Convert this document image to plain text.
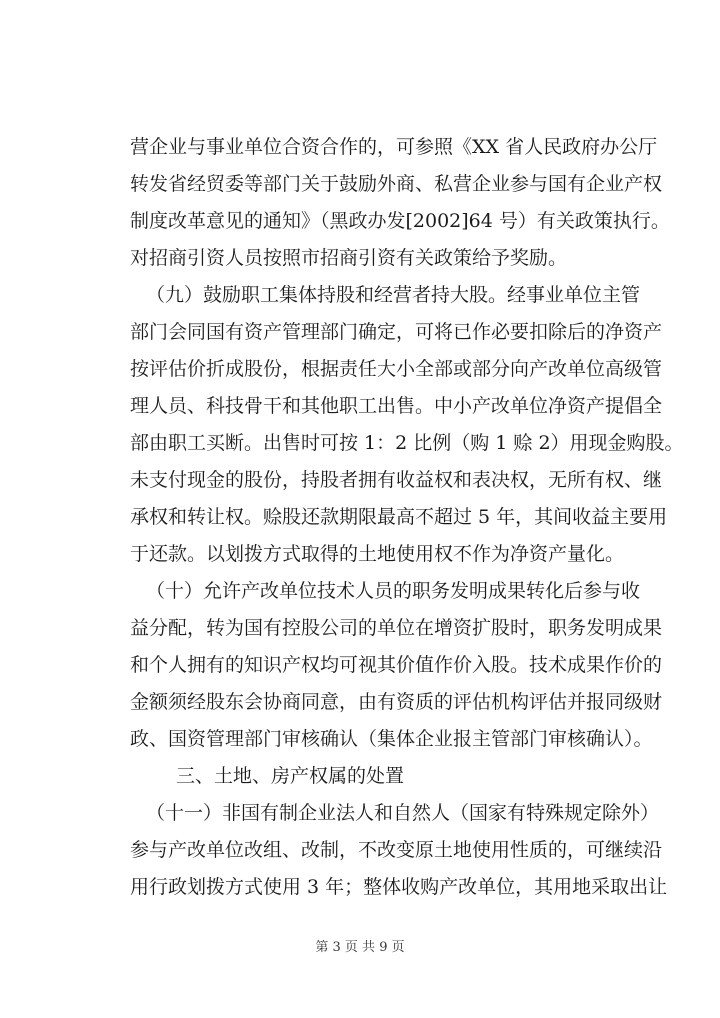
营企业与事业单位合资合作的，可参照《XX 省人民政府办公厅
转发省经贸委等部门关于鼓励外商、私营企业参与国有企业产权
制度改革意见的通知》（黑政办发[2002]64 号）有关政策执行。
对招商引资人员按照市招商引资有关政策给予奖励。
（九）鼓励职工集体持股和经营者持大股。经事业单位主管
部门会同国有资产管理部门确定，可将已作必要扣除后的净资产
按评估价折成股份，根据责任大小全部或部分向产改单位高级管
理人员、科技骨干和其他职工出售。中小产改单位净资产提倡全
部由职工买断。出售时可按 1：2 比例（购 1 赊 2）用现金购股。
未支付现金的股份，持股者拥有收益权和表决权，无所有权、继
承权和转让权。赊股还款期限最高不超过 5 年，其间收益主要用
于还款。以划拨方式取得的土地使用权不作为净资产量化。
（十）允许产改单位技术人员的职务发明成果转化后参与收
益分配，转为国有控股公司的单位在增资扩股时，职务发明成果
和个人拥有的知识产权均可视其价值作价入股。技术成果作价的
金额须经股东会协商同意，由有资质的评估机构评估并报同级财
政、国资管理部门审核确认（集体企业报主管部门审核确认）。
三、土地、房产权属的处置
（十一）非国有制企业法人和自然人（国家有特殊规定除外）
参与产改单位改组、改制，不改变原土地使用性质的，可继续沿
用行政划拨方式使用 3 年；整体收购产改单位，其用地采取出让
第 3 页 共 9 页
